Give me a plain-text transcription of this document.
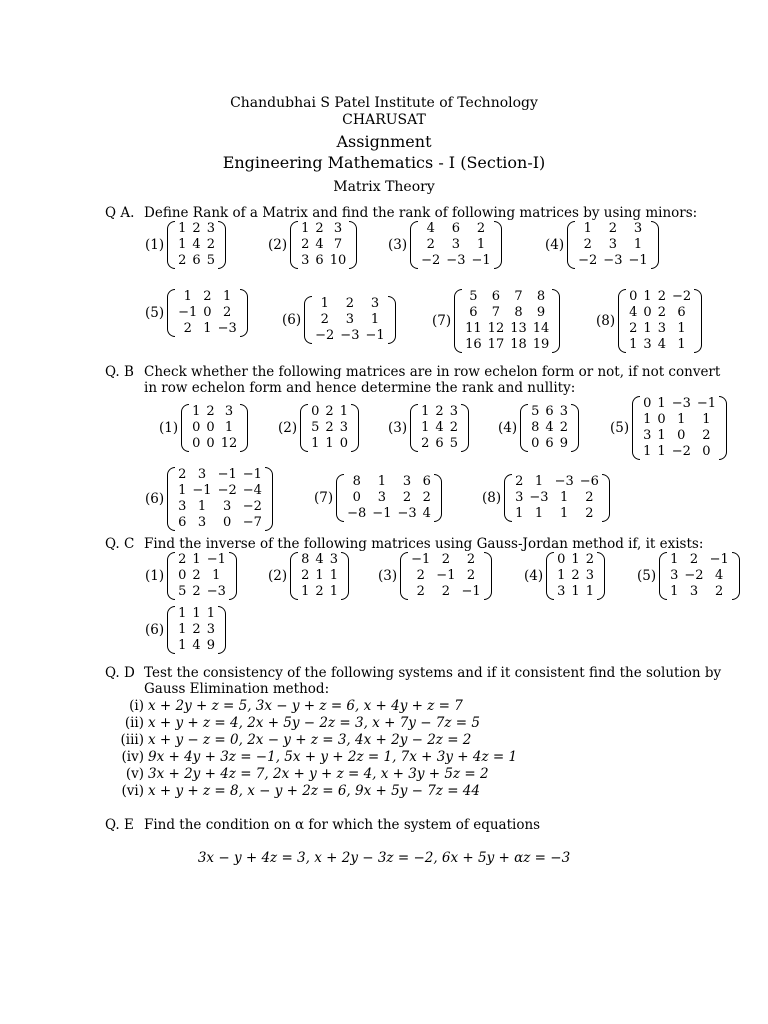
Chandubhai S Patel Institute of Technology
CHARUSAT
Assignment
Engineering Mathematics - I (Section-I)
Matrix Theory
Q A. Define Rank of a Matrix and find the rank of following matrices by using minors:
(1)
1	2	3
1	4	2
2	6	5
(2)
1	2	3
2	4	7
3	6	10
(3)
4	6	2
2	3	1
−2	−3	−1
(4)
1	2	3
2	3	1
−2	−3	−1
(5)
1	2	1
−1	0	2
2	1	−3
(6)
1	2	3
2	3	1
−2	−3	−1
(7)
5	6	7	8
6	7	8	9
11	12	13	14
16	17	18	19
(8)
0	1	2	−2
4	0	2	6
2	1	3	1
1	3	4	1
Q. B Check whether the following matrices are in row echelon form or not, if not convert
in row echelon form and hence determine the rank and nullity:
(1)
1	2	3
0	0	1
0	0	12
(2)
0	2	1
5	2	3
1	1	0
(3)
1	2	3
1	4	2
2	6	5
(4)
5	6	3
8	4	2
0	6	9
(5)
0	1	−3	−1
1	0	1	1
3	1	0	2
1	1	−2	0
(6)
2	3	−1	−1
1	−1	−2	−4
3	1	3	−2
6	3	0	−7
(7)
8	1	3	6
0	3	2	2
−8	−1	−3	4
(8)
2	1	−3	−6
3	−3	1	2
1	1	1	2
Q. C Find the inverse of the following matrices using Gauss-Jordan method if, it exists:
(1)
2	1	−1
0	2	1
5	2	−3
(2)
8	4	3
2	1	1
1	2	1
(3)
−1	2	2
2	−1	2
2	2	−1
(4)
0	1	2
1	2	3
3	1	1
(5)
1	2	−1
3	−2	4
1	3	2
(6)
1	1	1
1	2	3
1	4	9
Q. D Test the consistency of the following systems and if it consistent find the solution by
Gauss Elimination method:
(i) x + 2y + z = 5, 3x − y + z = 6, x + 4y + z = 7
(ii) x + y + z = 4, 2x + 5y − 2z = 3, x + 7y − 7z = 5
(iii) x + y − z = 0, 2x − y + z = 3, 4x + 2y − 2z = 2
(iv) 9x + 4y + 3z = −1, 5x + y + 2z = 1, 7x + 3y + 4z = 1
(v) 3x + 2y + 4z = 7, 2x + y + z = 4, x + 3y + 5z = 2
(vi) x + y + z = 8, x − y + 2z = 6, 9x + 5y − 7z = 44
Q. E Find the condition on α for which the system of equations
3x − y + 4z = 3, x + 2y − 3z = −2, 6x + 5y + αz = −3
